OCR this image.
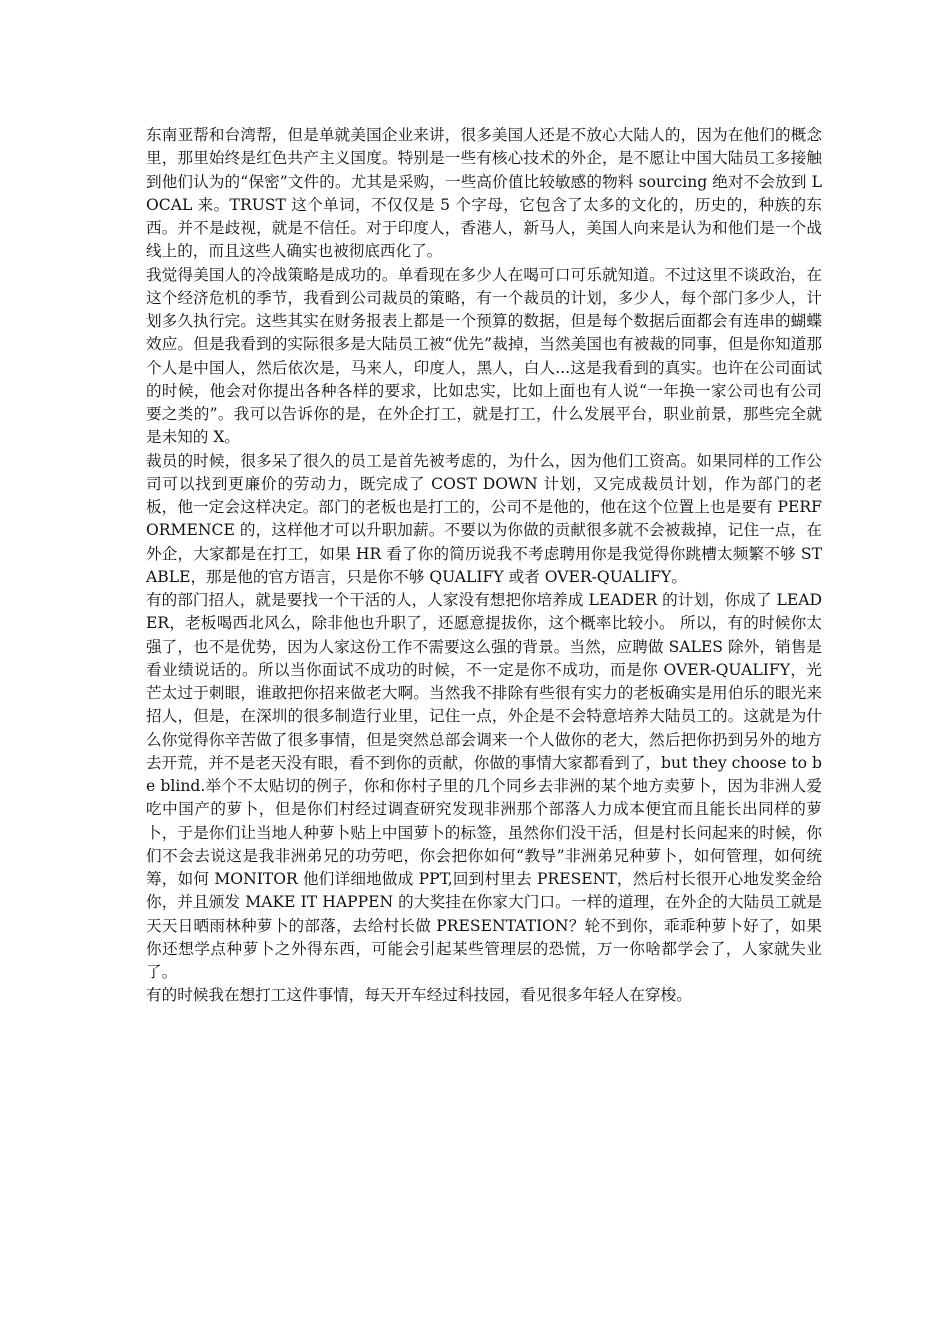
东南亚帮和台湾帮，但是单就美国企业来讲，很多美国人还是不放心大陆人的，因为在他们的概念里，那里始终是红色共产主义国度。特别是一些有核心技术的外企，是不愿让中国大陆员工多接触到他们认为的“保密”文件的。尤其是采购，一些高价值比较敏感的物料 sourcing 绝对不会放到 LOCAL 来。TRUST 这个单词，不仅仅是 5 个字母，它包含了太多的文化的，历史的，种族的东西。并不是歧视，就是不信任。对于印度人，香港人，新马人，美国人向来是认为和他们是一个战线上的，而且这些人确实也被彻底西化了。

我觉得美国人的冷战策略是成功的。单看现在多少人在喝可口可乐就知道。不过这里不谈政治，在这个经济危机的季节，我看到公司裁员的策略，有一个裁员的计划，多少人，每个部门多少人，计划多久执行完。这些其实在财务报表上都是一个预算的数据，但是每个数据后面都会有连串的蝴蝶效应。但是我看到的实际很多是大陆员工被“优先”裁掉，当然美国也有被裁的同事，但是你知道那个人是中国人，然后依次是，马来人，印度人，黑人，白人...这是我看到的真实。也许在公司面试的时候，他会对你提出各种各样的要求，比如忠实，比如上面也有人说“一年换一家公司也有公司要之类的”。我可以告诉你的是，在外企打工，就是打工，什么发展平台，职业前景，那些完全就是未知的 X。

裁员的时候，很多呆了很久的员工是首先被考虑的，为什么，因为他们工资高。如果同样的工作公司可以找到更廉价的劳动力，既完成了 COST DOWN 计划，又完成裁员计划，作为部门的老板，他一定会这样决定。部门的老板也是打工的，公司不是他的，他在这个位置上也是要有 PERFORMENCE 的，这样他才可以升职加薪。不要以为你做的贡献很多就不会被裁掉，记住一点，在外企，大家都是在打工，如果 HR 看了你的简历说我不考虑聘用你是我觉得你跳槽太频繁不够 STABLE，那是他的官方语言，只是你不够 QUALIFY 或者 OVER-QUALIFY。

有的部门招人，就是要找一个干活的人，人家没有想把你培养成 LEADER 的计划，你成了 LEADER，老板喝西北风么，除非他也升职了，还愿意提拔你，这个概率比较小。 所以，有的时候你太强了，也不是优势，因为人家这份工作不需要这么强的背景。当然，应聘做 SALES 除外，销售是看业绩说话的。所以当你面试不成功的时候，不一定是你不成功，而是你 OVER-QUALIFY，光芒太过于刺眼，谁敢把你招来做老大啊。当然我不排除有些很有实力的老板确实是用伯乐的眼光来招人，但是，在深圳的很多制造行业里，记住一点，外企是不会特意培养大陆员工的。这就是为什么你觉得你辛苦做了很多事情，但是突然总部会调来一个人做你的老大，然后把你扔到另外的地方去开荒，并不是老天没有眼，看不到你的贡献，你做的事情大家都看到了，but they choose to be blind.举个不太贴切的例子，你和你村子里的几个同乡去非洲的某个地方卖萝卜，因为非洲人爱吃中国产的萝卜，但是你们村经过调查研究发现非洲那个部落人力成本便宜而且能长出同样的萝卜，于是你们让当地人种萝卜贴上中国萝卜的标签，虽然你们没干活，但是村长问起来的时候，你们不会去说这是我非洲弟兄的功劳吧，你会把你如何“教导”非洲弟兄种萝卜，如何管理，如何统筹，如何 MONITOR 他们详细地做成 PPT,回到村里去 PRESENT，然后村长很开心地发奖金给你，并且颁发 MAKE IT HAPPEN 的大奖挂在你家大门口。一样的道理，在外企的大陆员工就是天天日晒雨林种萝卜的部落，去给村长做 PRESENTATION？轮不到你，乖乖种萝卜好了，如果你还想学点种萝卜之外得东西，可能会引起某些管理层的恐慌，万一你啥都学会了，人家就失业了。

有的时候我在想打工这件事情，每天开车经过科技园，看见很多年轻人在穿梭。
